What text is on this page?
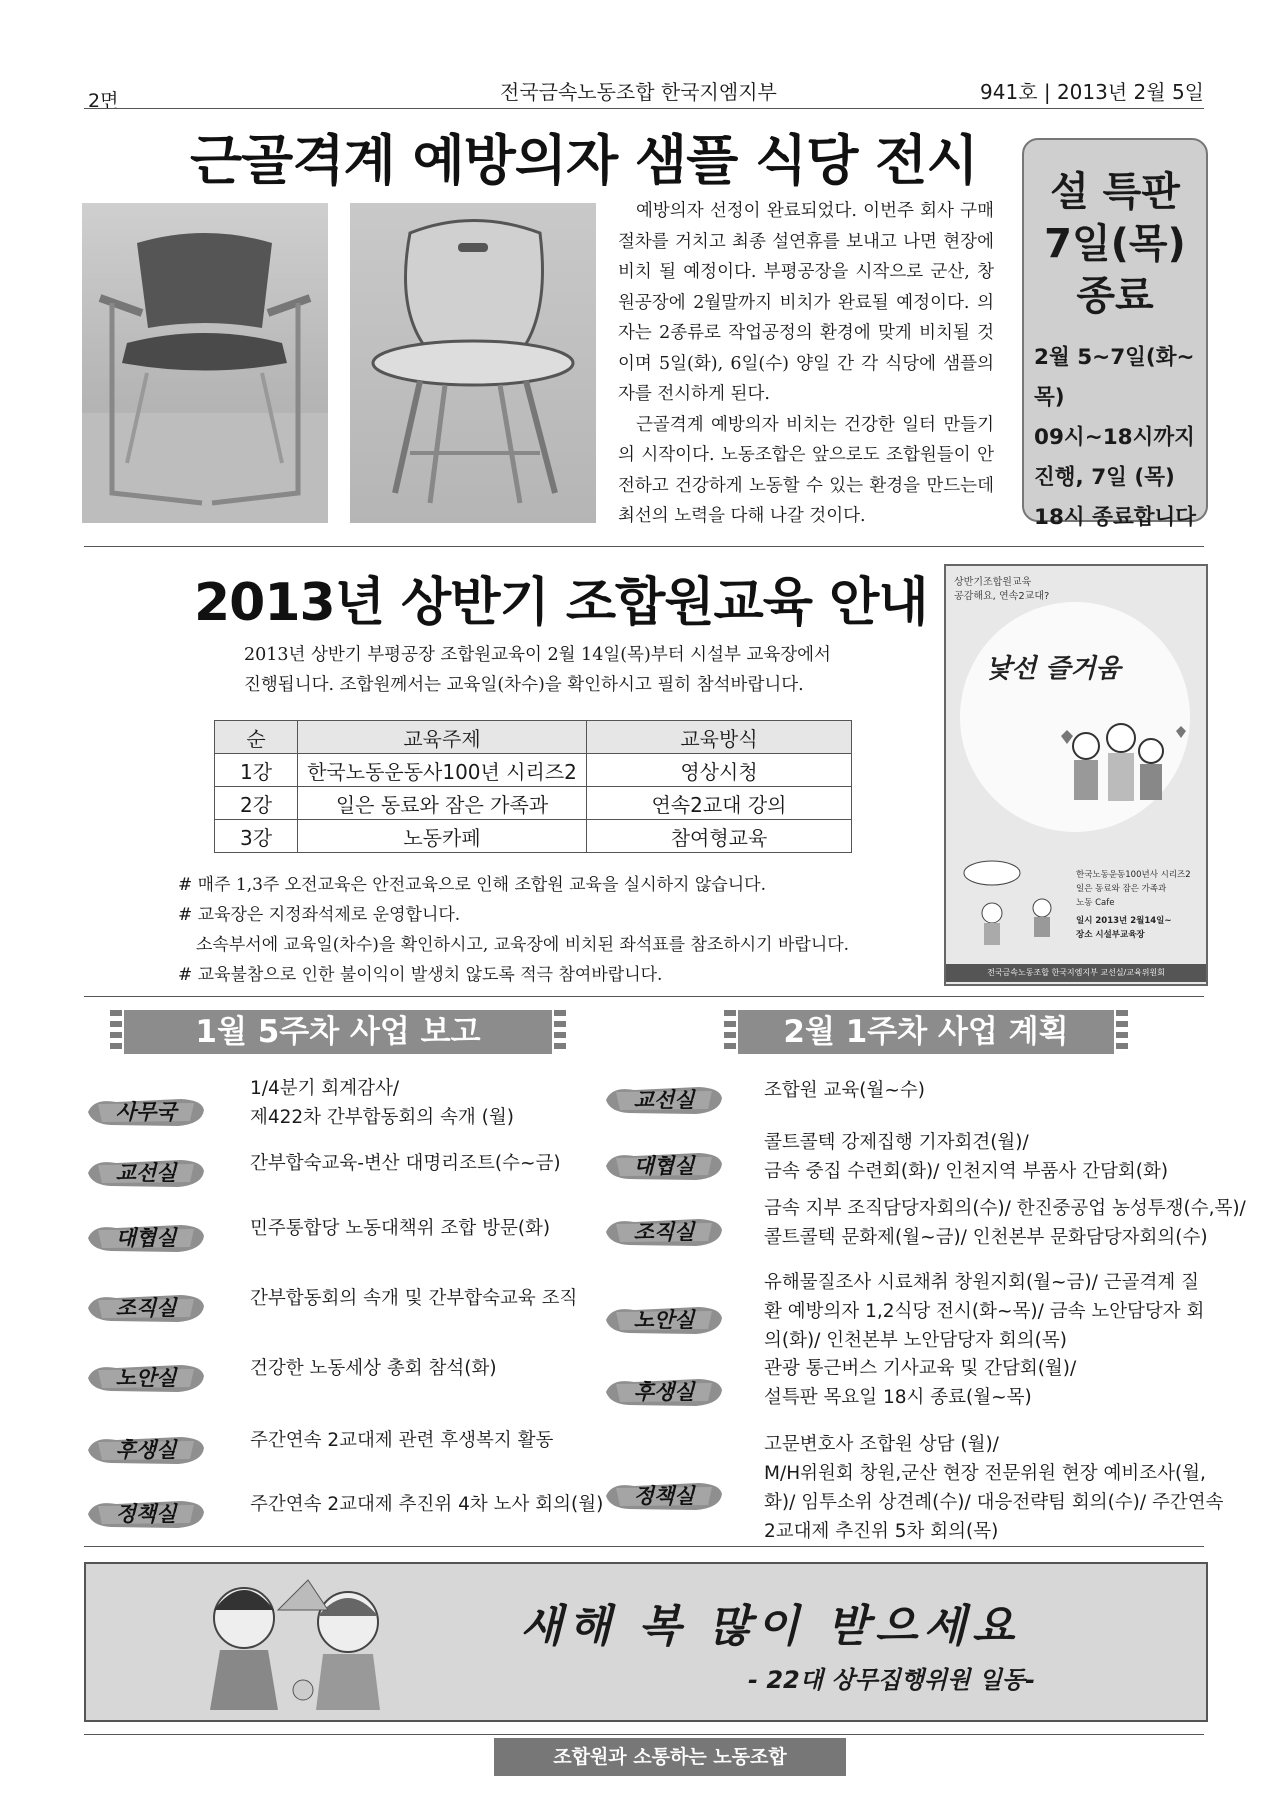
2면	전국금속노동조합 한국지엠지부	941호 | 2013년 2월 5일
근골격계 예방의자 샘플 식당 전시

예방의자 선정이 완료되었다. 이번주 회사 구매절차를 거치고 최종 설연휴를 보내고 나면 현장에 비치 될 예정이다. 부평공장을 시작으로 군산, 창원공장에 2월말까지 비치가 완료될 예정이다. 의자는 2종류로 작업공정의 환경에 맞게 비치될 것이며 5일(화), 6일(수) 양일 간 각 식당에 샘플의자를 전시하게 된다.

근골격계 예방의자 비치는 건강한 일터 만들기의 시작이다. 노동조합은 앞으로도 조합원들이 안전하고 건강하게 노동할 수 있는 환경을 만드는데 최선의 노력을 다해 나갈 것이다.

설 특판
7일(목)
종료
2월 5~7일(화~목)
09시~18시까지
진행, 7일 (목)
18시 종료합니다
2013년 상반기 조합원교육 안내
2013년 상반기 부평공장 조합원교육이 2월 14일(목)부터 시설부 교육장에서
진행됩니다. 조합원께서는 교육일(차수)을 확인하시고 필히 참석바랍니다.
순	교육주제	교육방식
1강	한국노동운동사100년 시리즈2	영상시청
2강	일은 동료와 잠은 가족과	연속2교대 강의
3강	노동카페	참여형교육
# 매주 1,3주 오전교육은 안전교육으로 인해 조합원 교육을 실시하지 않습니다.
# 교육장은 지정좌석제로 운영합니다.
소속부서에 교육일(차수)을 확인하시고, 교육장에 비치된 좌석표를 참조하시기 바랍니다.
# 교육불참으로 인한 불이익이 발생치 않도록 적극 참여바랍니다.
상반기조합원교육
공감해요, 연속2교대?
낯선 즐거움
한국노동운동100년사 시리즈2
일은 동료와 잠은 가족과
노동 Cafe
일시 2013년 2월14일~
장소 시설부교육장
전국금속노동조합 한국지엠지부 교선실/교육위원회
1월 5주차 사업 보고	2월 1주차 사업 계획
사무국
1/4분기 회계감사/
제422차 간부합동회의 속개 (월)
교선실	간부합숙교육-변산 대명리조트(수~금)
대협실	민주통합당 노동대책위 조합 방문(화)
조직실	간부합동회의 속개 및 간부합숙교육 조직
노안실	건강한 노동세상 총회 참석(화)
후생실	주간연속 2교대제 관련 후생복지 활동
정책실	주간연속 2교대제 추진위 4차 노사 회의(월)
교선실	조합원 교육(월~수)
대협실
콜트콜텍 강제집행 기자회견(월)/
금속 중집 수련회(화)/ 인천지역 부품사 간담회(화)
조직실
금속 지부 조직담당자회의(수)/ 한진중공업 농성투쟁(수,목)/
콜트콜텍 문화제(월~금)/ 인천본부 문화담당자회의(수)
노안실
유해물질조사 시료채취 창원지회(월~금)/ 근골격계 질
환 예방의자 1,2식당 전시(화~목)/ 금속 노안담당자 회
의(화)/ 인천본부 노안담당자 회의(목)
후생실
관광 통근버스 기사교육 및 간담회(월)/
설특판 목요일 18시 종료(월~목)
정책실
고문변호사 조합원 상담 (월)/
M/H위원회 창원,군산 현장 전문위원 현장 예비조사(월,
화)/ 임투소위 상견례(수)/ 대응전략팀 회의(수)/ 주간연속
2교대제 추진위 5차 회의(목)
새해 복 많이 받으세요
- 22대 상무집행위원 일동-
조합원과 소통하는 노동조합
